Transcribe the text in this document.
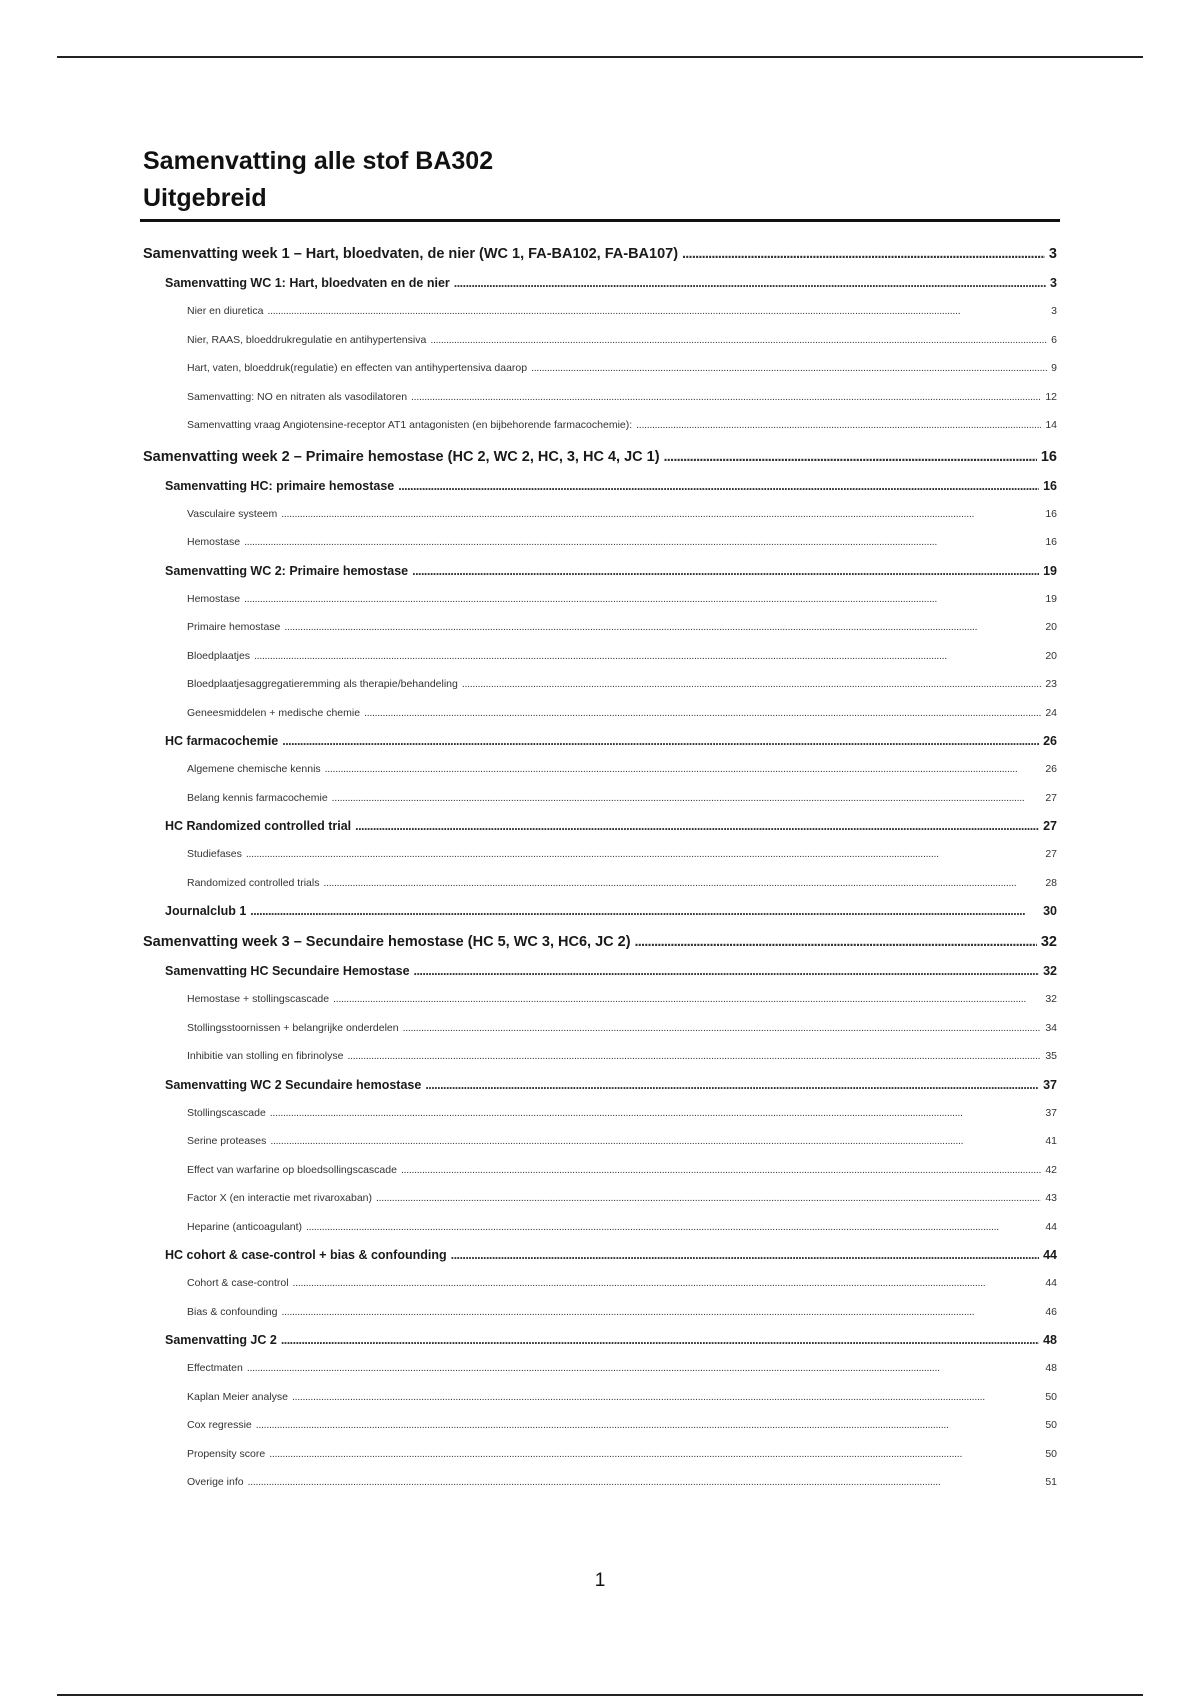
Samenvatting alle stof BA302
Uitgebreid
Samenvatting week 1 – Hart, bloedvaten, de nier (WC 1, FA-BA102, FA-BA107) . . .	3
Samenvatting WC 1: Hart, bloedvaten en de nier . . .	3
Nier en diuretica . . .	3
Nier, RAAS, bloeddrukregulatie en antihypertensiva . . .	6
Hart, vaten, bloeddruk(regulatie) en effecten van antihypertensiva daarop . . .	9
Samenvatting: NO en nitraten als vasodilatoren . . .	12
Samenvatting vraag Angiotensine-receptor AT1 antagonisten (en bijbehorende farmacochemie): . . .	14
Samenvatting week 2 – Primaire hemostase (HC 2, WC 2, HC, 3, HC 4, JC 1) . . .	16
Samenvatting HC: primaire hemostase . . .	16
Vasculaire systeem . . .	16
Hemostase . . .	16
Samenvatting WC 2: Primaire hemostase . . .	19
Hemostase . . .	19
Primaire hemostase . . .	20
Bloedplaatjes . . .	20
Bloedplaatjesaggregatieremming als therapie/behandeling . . .	23
Geneesmiddelen + medische chemie . . .	24
HC farmacochemie . . .	26
Algemene chemische kennis . . .	26
Belang kennis farmacochemie . . .	27
HC Randomized controlled trial . . .	27
Studiefases . . .	27
Randomized controlled trials . . .	28
Journalclub 1 . . .	30
Samenvatting week 3 – Secundaire hemostase (HC 5, WC 3, HC6, JC 2) . . .	32
Samenvatting HC Secundaire Hemostase . . .	32
Hemostase + stollingscascade . . .	32
Stollingsstoornissen + belangrijke onderdelen . . .	34
Inhibitie van stolling en fibrinolyse . . .	35
Samenvatting WC 2 Secundaire hemostase . . .	37
Stollingscascade . . .	37
Serine proteases . . .	41
Effect van warfarine op bloedsollingscascade . . .	42
Factor X (en interactie met rivaroxaban) . . .	43
Heparine (anticoagulant) . . .	44
HC cohort & case-control + bias & confounding . . .	44
Cohort & case-control . . .	44
Bias & confounding . . .	46
Samenvatting JC 2 . . .	48
Effectmaten . . .	48
Kaplan Meier analyse . . .	50
Cox regressie . . .	50
Propensity score . . .	50
Overige info . . .	51
1
